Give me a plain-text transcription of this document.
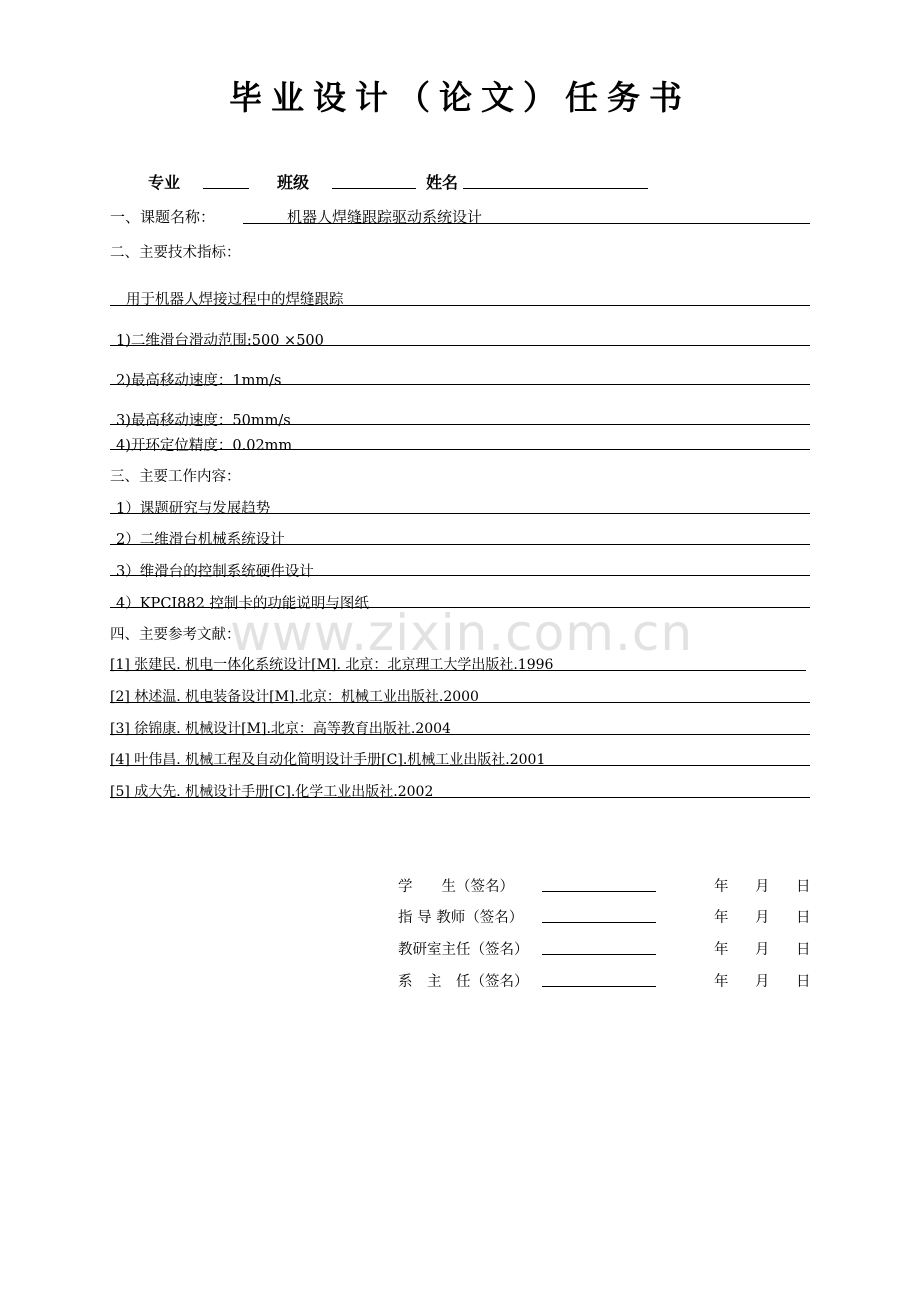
毕业设计（论文）任务书
专业	班级	姓名
一、课题名称：	机器人焊缝跟踪驱动系统设计
二、主要技术指标：
用于机器人焊接过程中的焊缝跟踪
1)二维滑台滑动范围:500 ×500
2)最高移动速度：1mm/s
3)最高移动速度：50mm/s
4)开环定位精度：0.02mm
三、主要工作内容：
1）课题研究与发展趋势
2）二维滑台机械系统设计
3）维滑台的控制系统硬件设计
4）KPCI882 控制卡的功能说明与图纸
www.zixin.com.cn
四、主要参考文献：
[1] 张建民. 机电一体化系统设计[M]. 北京：北京理工大学出版社.1996
[2] 林述温. 机电装备设计[M].北京：机械工业出版社.2000
[3] 徐锦康. 机械设计[M].北京：高等教育出版社.2004
[4] 叶伟昌. 机械工程及自动化简明设计手册[C].机械工业出版社.2001
[5] 成大先. 机械设计手册[C].化学工业出版社.2002
学　　生（签名）	年 月 日
指 导 教师（签名）	年 月 日
教研室主任（签名）	年 月 日
系　主　任（签名）	年 月 日
